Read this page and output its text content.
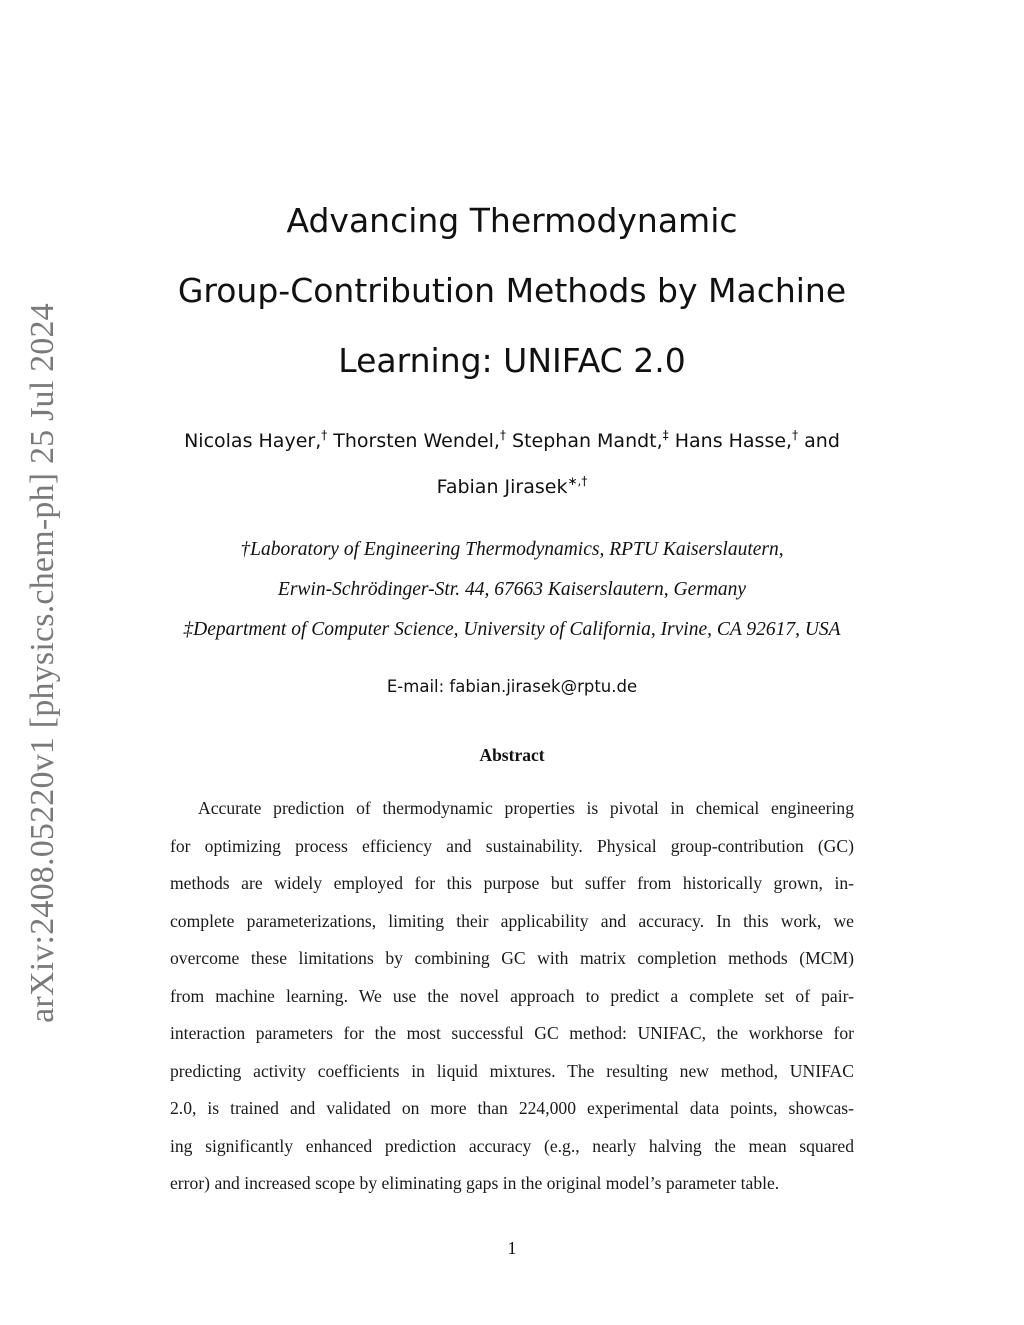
arXiv:2408.05220v1 [physics.chem-ph] 25 Jul 2024
Advancing Thermodynamic
Group-Contribution Methods by Machine
Learning: UNIFAC 2.0
Nicolas Hayer,† Thorsten Wendel,† Stephan Mandt,‡ Hans Hasse,† and
Fabian Jirasek∗,†
†Laboratory of Engineering Thermodynamics, RPTU Kaiserslautern,
Erwin-Schrödinger-Str. 44, 67663 Kaiserslautern, Germany
‡Department of Computer Science, University of California, Irvine, CA 92617, USA
E-mail: fabian.jirasek@rptu.de
Abstract
Accurate prediction of thermodynamic properties is pivotal in chemical engineering
for optimizing process efficiency and sustainability. Physical group-contribution (GC)
methods are widely employed for this purpose but suffer from historically grown, in-
complete parameterizations, limiting their applicability and accuracy. In this work, we
overcome these limitations by combining GC with matrix completion methods (MCM)
from machine learning. We use the novel approach to predict a complete set of pair-
interaction parameters for the most successful GC method: UNIFAC, the workhorse for
predicting activity coefficients in liquid mixtures. The resulting new method, UNIFAC
2.0, is trained and validated on more than 224,000 experimental data points, showcas-
ing significantly enhanced prediction accuracy (e.g., nearly halving the mean squared
error) and increased scope by eliminating gaps in the original model’s parameter table.
1
